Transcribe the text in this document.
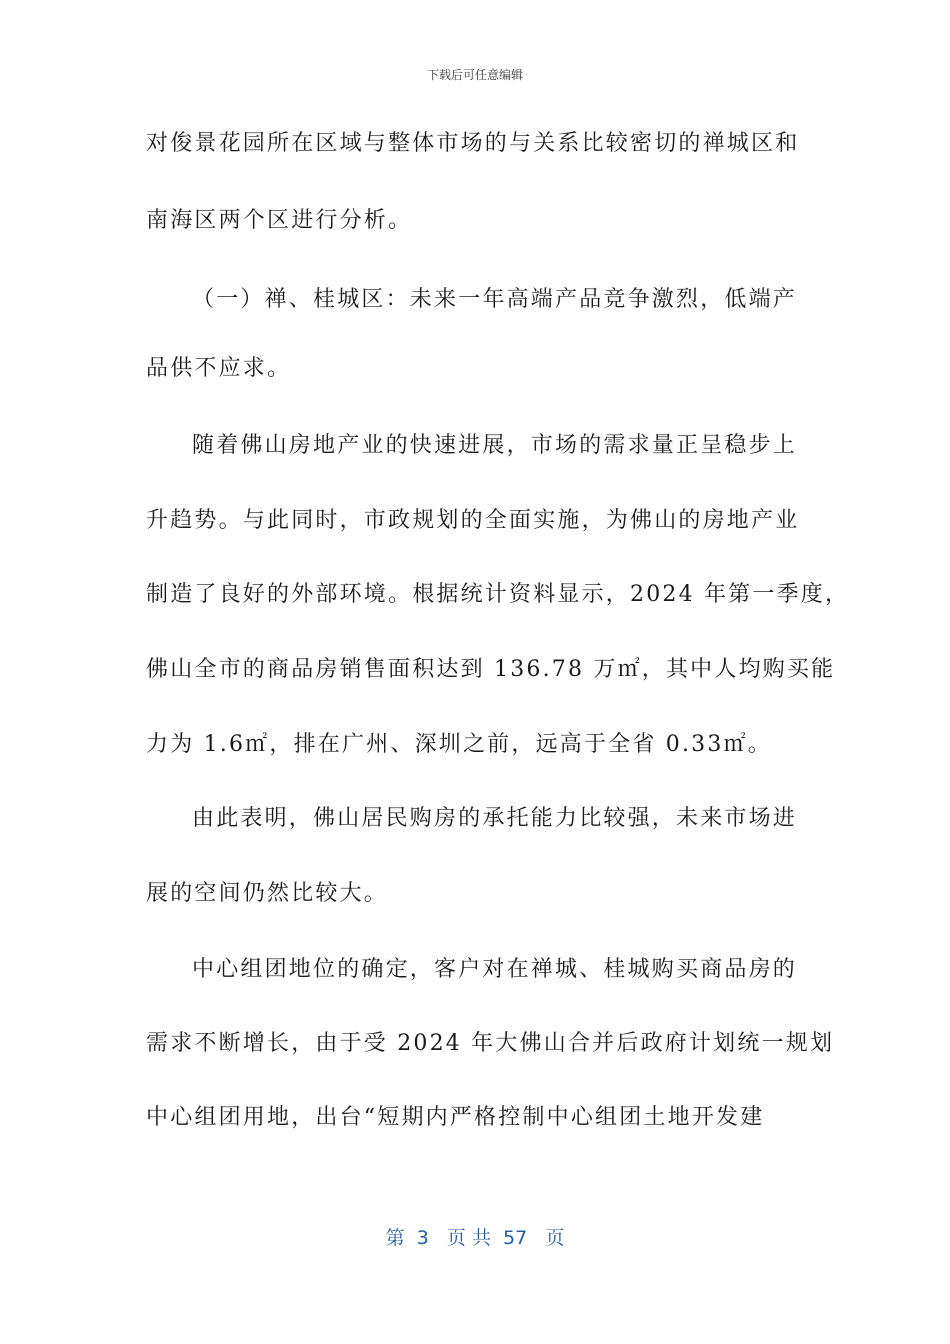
下载后可任意编辑
对俊景花园所在区域与整体市场的与关系比较密切的禅城区和
南海区两个区进行分析。
（一）禅、桂城区：未来一年高端产品竞争激烈，低端产
品供不应求。
随着佛山房地产业的快速进展，市场的需求量正呈稳步上
升趋势。与此同时，市政规划的全面实施，为佛山的房地产业
制造了良好的外部环境。根据统计资料显示，2024 年第一季度，
佛山全市的商品房销售面积达到 136.78 万㎡，其中人均购买能
力为 1.6㎡，排在广州、深圳之前，远高于全省 0.33㎡。
由此表明，佛山居民购房的承托能力比较强，未来市场进
展的空间仍然比较大。
中心组团地位的确定，客户对在禅城、桂城购买商品房的
需求不断增长，由于受 2024 年大佛山合并后政府计划统一规划
中心组团用地，出台“短期内严格控制中心组团土地开发建
第  3   页 共  57   页
